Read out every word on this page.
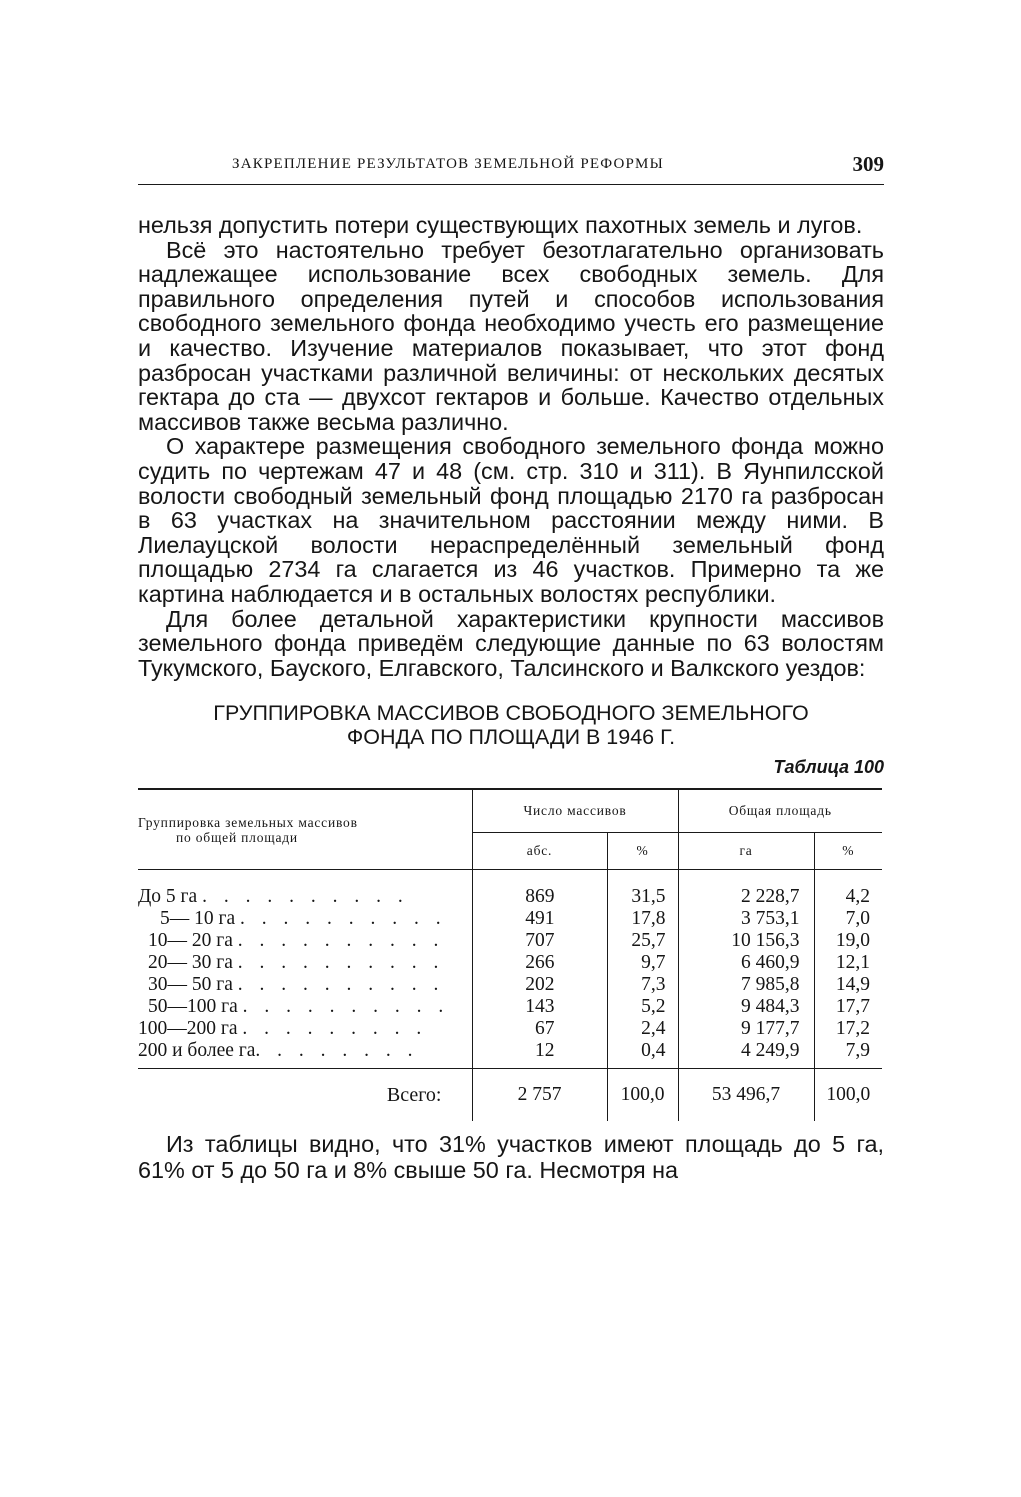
ЗАКРЕПЛЕНИЕ РЕЗУЛЬТАТОВ ЗЕМЕЛЬНОЙ РЕФОРМЫ	309

нельзя допустить потери существующих пахотных земель и лугов.

Всё это настоятельно требует безотлагательно организовать надлежащее использование всех свободных земель. Для правильного определения путей и способов использования свободного земельного фонда необходимо учесть его размещение и качество. Изучение материалов показывает, что этот фонд разбросан участками различной величины: от нескольких десятых гектара до ста — двухсот гектаров и больше. Качество отдельных массивов также весьма различно.

О характере размещения свободного земельного фонда можно судить по чертежам 47 и 48 (см. стр. 310 и 311). В Яунпилсской волости свободный земельный фонд площадью 2170 га разбросан в 63 участках на значительном расстоянии между ними. В Лиелауцской волости нераспределённый земельный фонд площадью 2734 га слагается из 46 участков. Примерно та же картина наблюдается и в остальных волостях республики.

Для более детальной характеристики крупности массивов земельного фонда приведём следующие данные по 63 волостям Тукумского, Бауского, Елгавского, Талсинского и Валкского уездов:

ГРУППИРОВКА МАССИВОВ СВОБОДНОГО ЗЕМЕЛЬНОГО
ФОНДА ПО ПЛОЩАДИ В 1946 Г.
Таблица 100
Группировка земельных массивов
по общей площади	Число массивов		Общая площадь	
	абс.	%	га	%
До 5 га . . . . . . . . . .	869	31,5	2 228,7	4,2
5— 10 га . . . . . . . . . .	491	17,8	3 753,1	7,0
10— 20 га . . . . . . . . . .	707	25,7	10 156,3	19,0
20— 30 га . . . . . . . . . .	266	9,7	6 460,9	12,1
30— 50 га . . . . . . . . . .	202	7,3	7 985,8	14,9
50—100 га . . . . . . . . . .	143	5,2	9 484,3	17,7
100—200 га . . . . . . . . .	67	2,4	9 177,7	17,2
200 и более га. . . . . . . .	12	0,4	4 249,9	7,9
Всего:	2 757	100,0	53 496,7	100,0

Из таблицы видно, что 31% участков имеют площадь до 5 га, 61% от 5 до 50 га и 8% свыше 50 га. Несмотря на
